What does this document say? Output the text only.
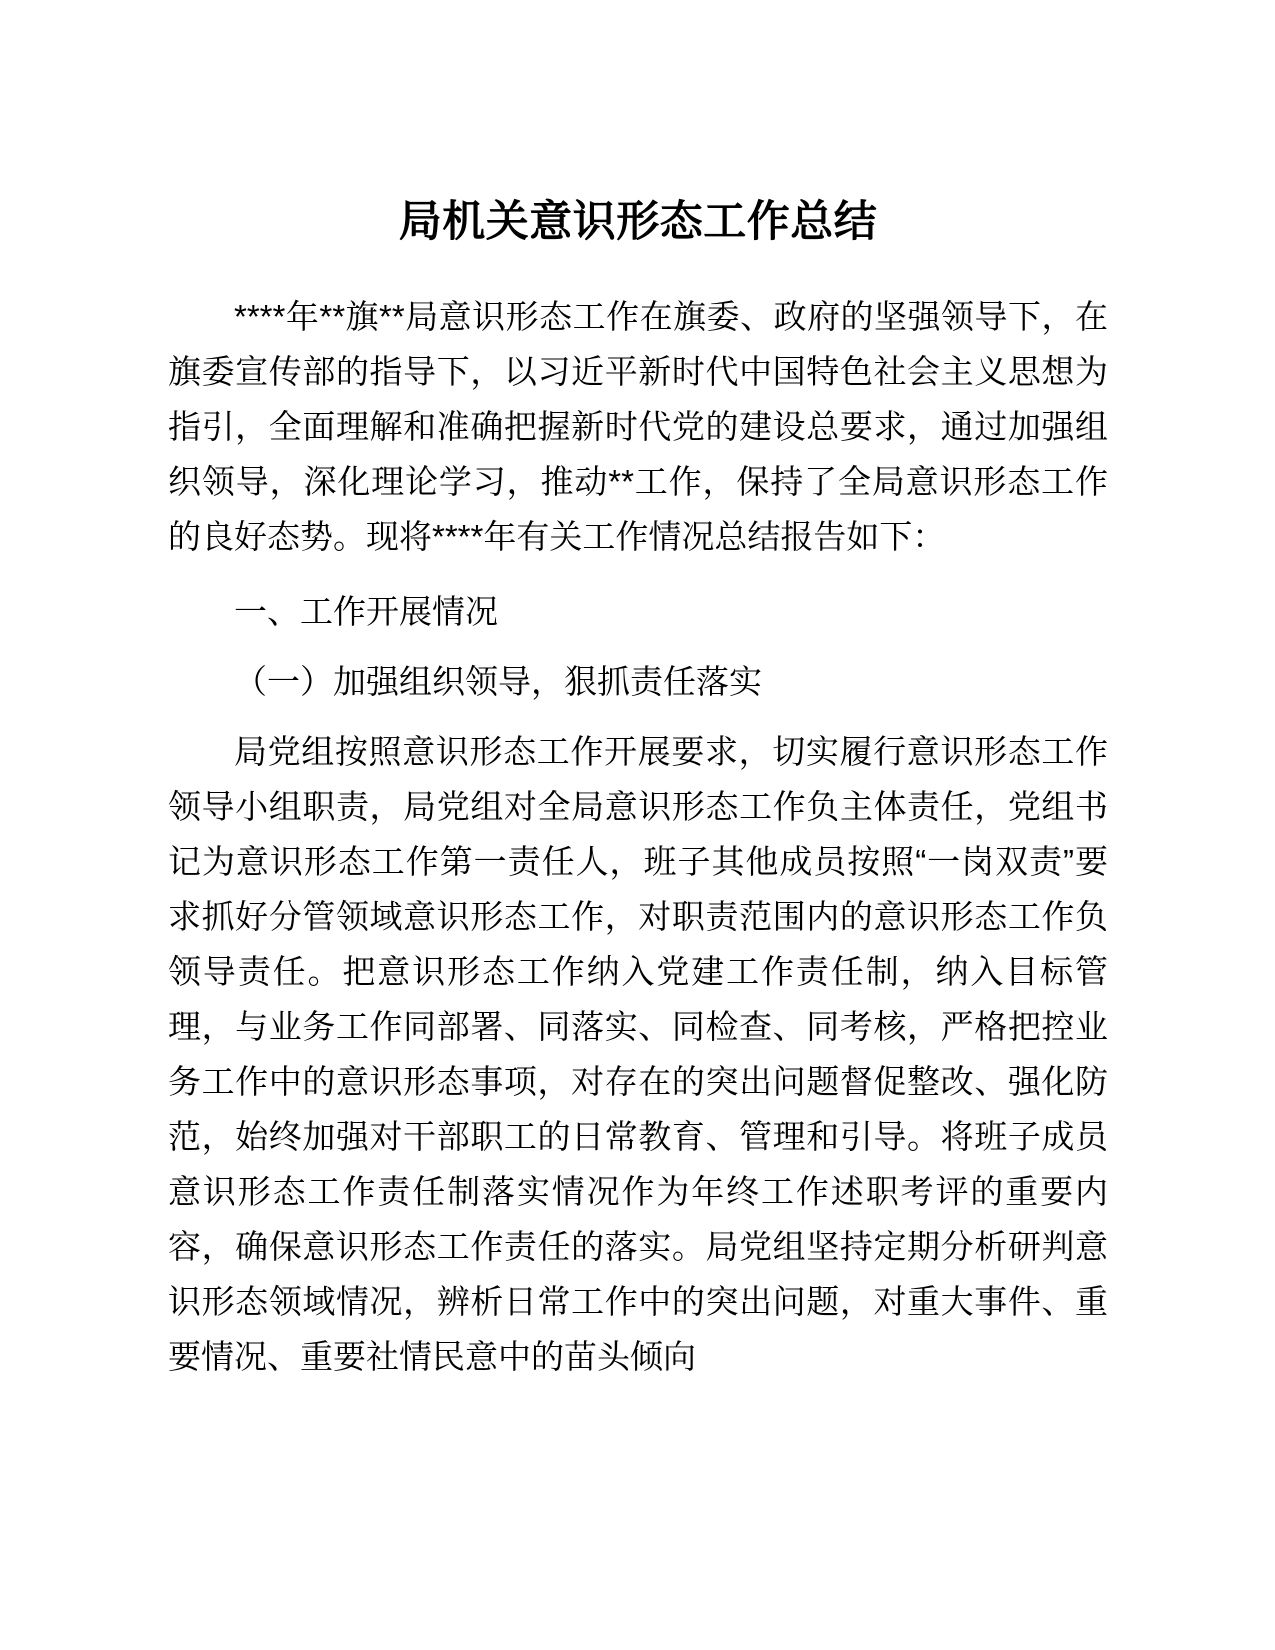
局机关意识形态工作总结

****年**旗**局意识形态工作在旗委、政府的坚强领导下，在旗委宣传部的指导下，以习近平新时代中国特色社会主义思想为指引，全面理解和准确把握新时代党的建设总要求，通过加强组织领导，深化理论学习，推动**工作，保持了全局意识形态工作的良好态势。现将****年有关工作情况总结报告如下：

一、工作开展情况

（一）加强组织领导，狠抓责任落实

局党组按照意识形态工作开展要求，切实履行意识形态工作领导小组职责，局党组对全局意识形态工作负主体责任，党组书记为意识形态工作第一责任人，班子其他成员按照“一岗双责”要求抓好分管领域意识形态工作，对职责范围内的意识形态工作负领导责任。把意识形态工作纳入党建工作责任制，纳入目标管理，与业务工作同部署、同落实、同检查、同考核，严格把控业务工作中的意识形态事项，对存在的突出问题督促整改、强化防范，始终加强对干部职工的日常教育、管理和引导。将班子成员意识形态工作责任制落实情况作为年终工作述职考评的重要内容，确保意识形态工作责任的落实。局党组坚持定期分析研判意识形态领域情况，辨析日常工作中的突出问题，对重大事件、重要情况、重要社情民意中的苗头倾向
